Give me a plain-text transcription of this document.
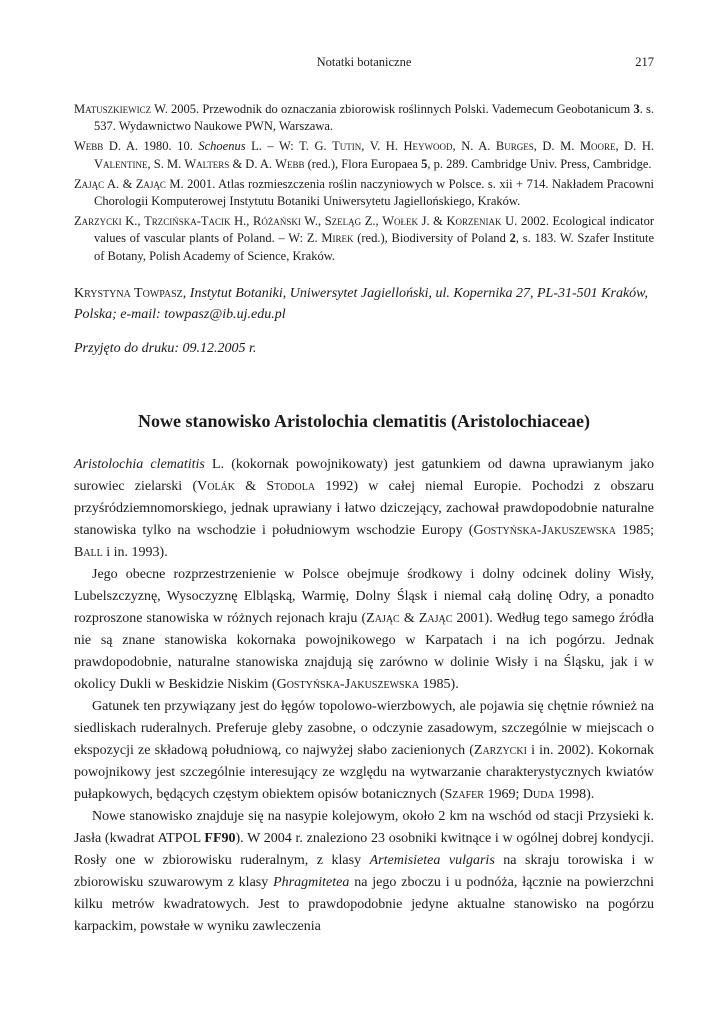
Notatki botaniczne	217
Matuszkiewicz W. 2005. Przewodnik do oznaczania zbiorowisk roślinnych Polski. Vademecum Geobotanicum 3. s. 537. Wydawnictwo Naukowe PWN, Warszawa.
Webb D. A. 1980. 10. Schoenus L. – W: T. G. Tutin, V. H. Heywood, N. A. Burges, D. M. Moore, D. H. Valentine, S. M. Walters & D. A. Webb (red.), Flora Europaea 5, p. 289. Cambridge Univ. Press, Cambridge.
Zając A. & Zając M. 2001. Atlas rozmieszczenia roślin naczyniowych w Polsce. s. xii + 714. Nakładem Pracowni Chorologii Komputerowej Instytutu Botaniki Uniwersytetu Jagiellońskiego, Kraków.
Zarzycki K., Trzcińska-Tacik H., Różański W., Szeląg Z., Wołek J. & Korzeniak U. 2002. Ecological indicator values of vascular plants of Poland. – W: Z. Mirek (red.), Biodiversity of Poland 2, s. 183. W. Szafer Institute of Botany, Polish Academy of Science, Kraków.
Krystyna Towpasz, Instytut Botaniki, Uniwersytet Jagielloński, ul. Kopernika 27, PL-31-501 Kraków, Polska; e-mail: towpasz@ib.uj.edu.pl
Przyjęto do druku: 09.12.2005 r.
Nowe stanowisko Aristolochia clematitis (Aristolochiaceae)

Aristolochia clematitis L. (kokornak powojnikowaty) jest gatunkiem od dawna uprawianym jako surowiec zielarski (Volák & Stodola 1992) w całej niemal Europie. Pochodzi z obszaru przyśródziemnomorskiego, jednak uprawiany i łatwo dziczejący, zachował prawdopodobnie naturalne stanowiska tylko na wschodzie i południowym wschodzie Europy (Gostyńska-Jakuszewska 1985; Ball i in. 1993).

Jego obecne rozprzestrzenienie w Polsce obejmuje środkowy i dolny odcinek doliny Wisły, Lubelszczyznę, Wysoczyznę Elbląską, Warmię, Dolny Śląsk i niemal całą dolinę Odry, a ponadto rozproszone stanowiska w różnych rejonach kraju (Zając & Zając 2001). Według tego samego źródła nie są znane stanowiska kokornaka powojnikowego w Karpatach i na ich pogórzu. Jednak prawdopodobnie, naturalne stanowiska znajdują się zarówno w dolinie Wisły i na Śląsku, jak i w okolicy Dukli w Beskidzie Niskim (Gostyńska-Jakuszewska 1985).

Gatunek ten przywiązany jest do łęgów topolowo-wierzbowych, ale pojawia się chętnie również na siedliskach ruderalnych. Preferuje gleby zasobne, o odczynie zasadowym, szczególnie w miejscach o ekspozycji ze składową południową, co najwyżej słabo zacienionych (Zarzycki i in. 2002). Kokornak powojnikowy jest szczególnie interesujący ze względu na wytwarzanie charakterystycznych kwiatów pułapkowych, będących częstym obiektem opisów botanicznych (Szafer 1969; Duda 1998).

Nowe stanowisko znajduje się na nasypie kolejowym, około 2 km na wschód od stacji Przysieki k. Jasła (kwadrat ATPOL FF90). W 2004 r. znaleziono 23 osobniki kwitnące i w ogólnej dobrej kondycji. Rosły one w zbiorowisku ruderalnym, z klasy Artemisietea vulgaris na skraju torowiska i w zbiorowisku szuwarowym z klasy Phragmitetea na jego zboczu i u podnóża, łącznie na powierzchni kilku metrów kwadratowych. Jest to prawdopodobnie jedyne aktualne stanowisko na pogórzu karpackim, powstałe w wyniku zawleczenia
